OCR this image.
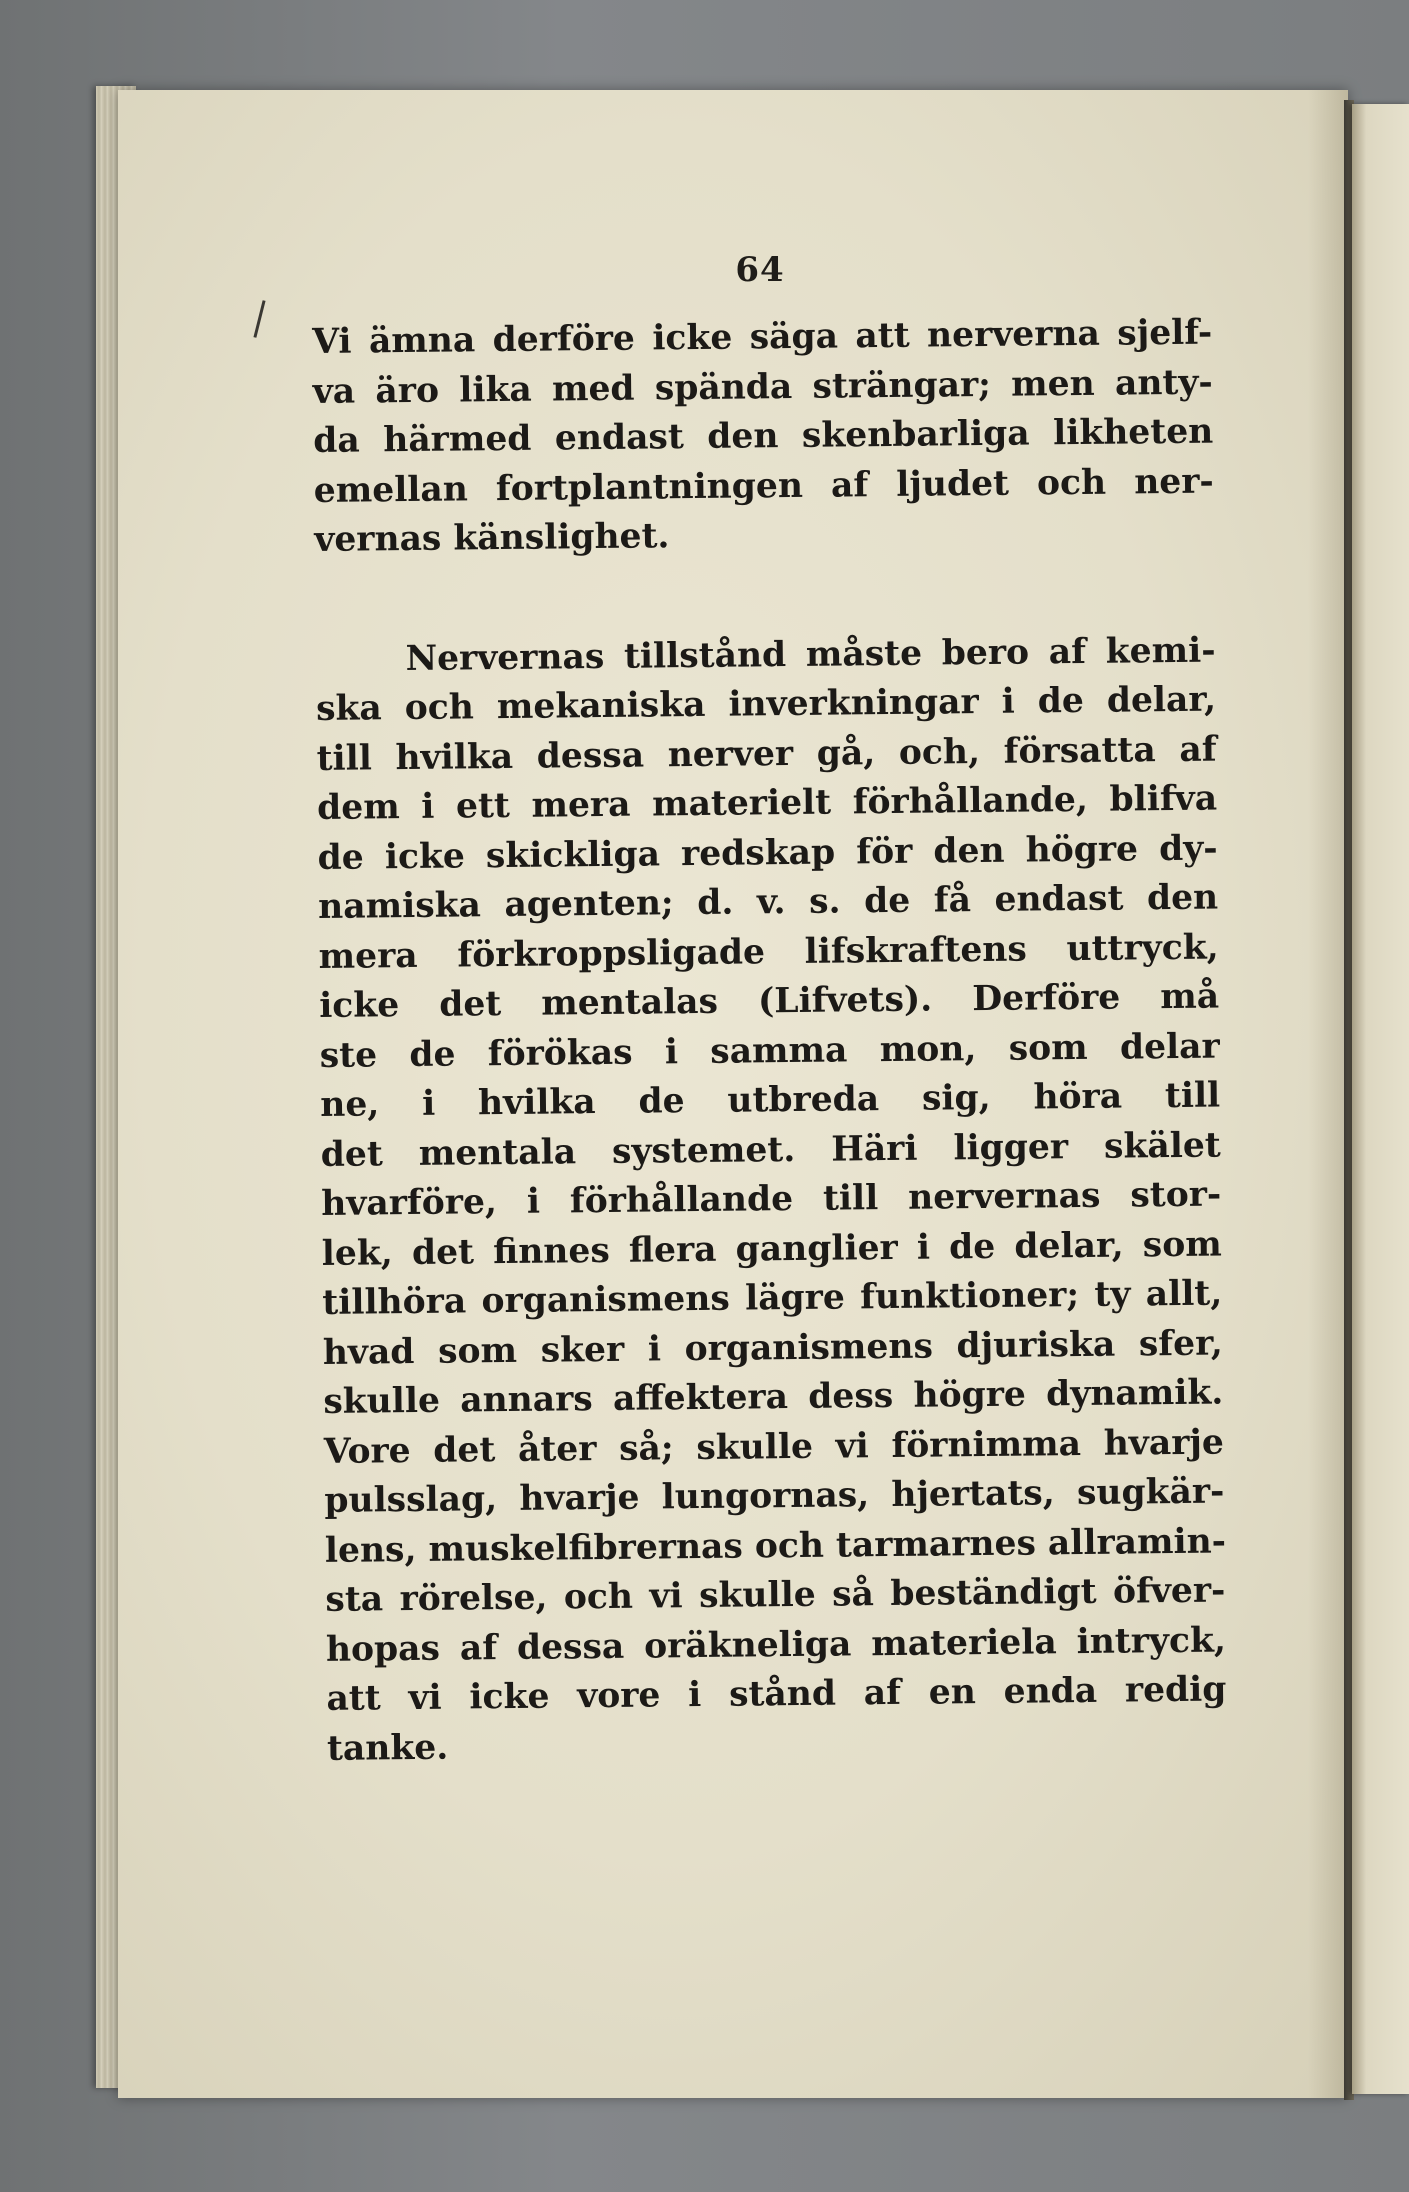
64
Vi ämna derföre icke säga att nerverna sjelf-
va äro lika med spända strängar; men anty-
da härmed endast den skenbarliga likheten
emellan fortplantningen af ljudet och ner-
vernas känslighet.
Nervernas tillstånd måste bero af kemi-
ska och mekaniska inverkningar i de delar,
till hvilka dessa nerver gå, och, försatta af
dem i ett mera materielt förhållande, blifva
de icke skickliga redskap för den högre dy-
namiska agenten; d. v. s. de få endast den
mera förkroppsligade lifskraftens uttryck,
icke det mentalas (Lifvets). Derföre må
ste de förökas i samma mon, som delar
ne, i hvilka de utbreda sig, höra till
det mentala systemet. Häri ligger skälet
hvarföre, i förhållande till nervernas stor-
lek, det finnes flera ganglier i de delar, som
tillhöra organismens lägre funktioner; ty allt,
hvad som sker i organismens djuriska sfer,
skulle annars affektera dess högre dynamik.
Vore det åter så; skulle vi förnimma hvarje
pulsslag, hvarje lungornas, hjertats, sugkär-
lens, muskelfibrernas och tarmarnes allramin-
sta rörelse, och vi skulle så beständigt öfver-
hopas af dessa oräkneliga materiela intryck,
att vi icke vore i stånd af en enda redig
tanke.
